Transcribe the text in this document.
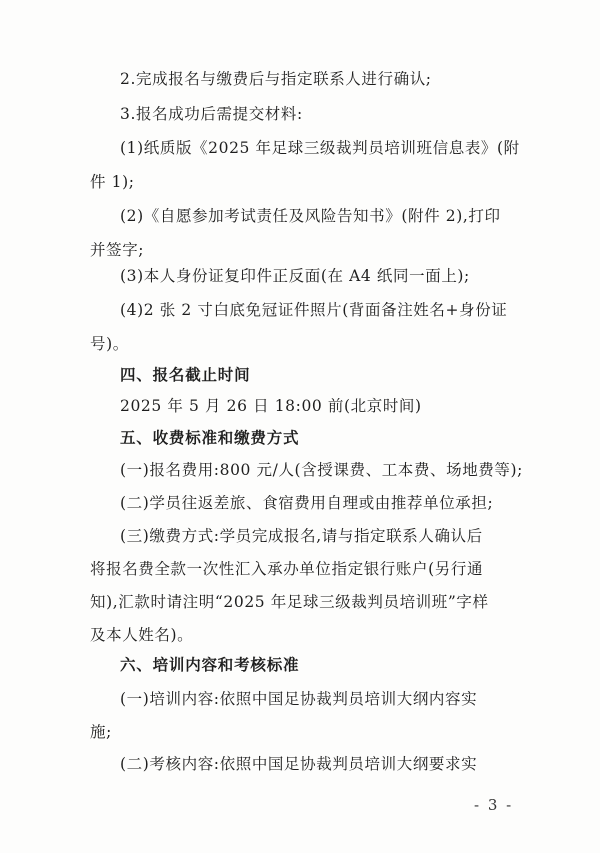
2.完成报名与缴费后与指定联系人进行确认;
3.报名成功后需提交材料:
(1)纸质版《2025 年足球三级裁判员培训班信息表》(附
件 1);
(2)《自愿参加考试责任及风险告知书》(附件 2),打印
并签字;
(3)本人身份证复印件正反面(在 A4 纸同一面上);
(4)2 张 2 寸白底免冠证件照片(背面备注姓名+身份证
号)。
四、报名截止时间
2025 年 5 月 26 日 18:00 前(北京时间)
五、收费标准和缴费方式
(一)报名费用:800 元/人(含授课费、工本费、场地费等);
(二)学员往返差旅、食宿费用自理或由推荐单位承担;
(三)缴费方式:学员完成报名,请与指定联系人确认后
将报名费全款一次性汇入承办单位指定银行账户(另行通
知),汇款时请注明“2025 年足球三级裁判员培训班”字样
及本人姓名)。
六、培训内容和考核标准
(一)培训内容:依照中国足协裁判员培训大纲内容实
施;
(二)考核内容:依照中国足协裁判员培训大纲要求实
- 3 -
